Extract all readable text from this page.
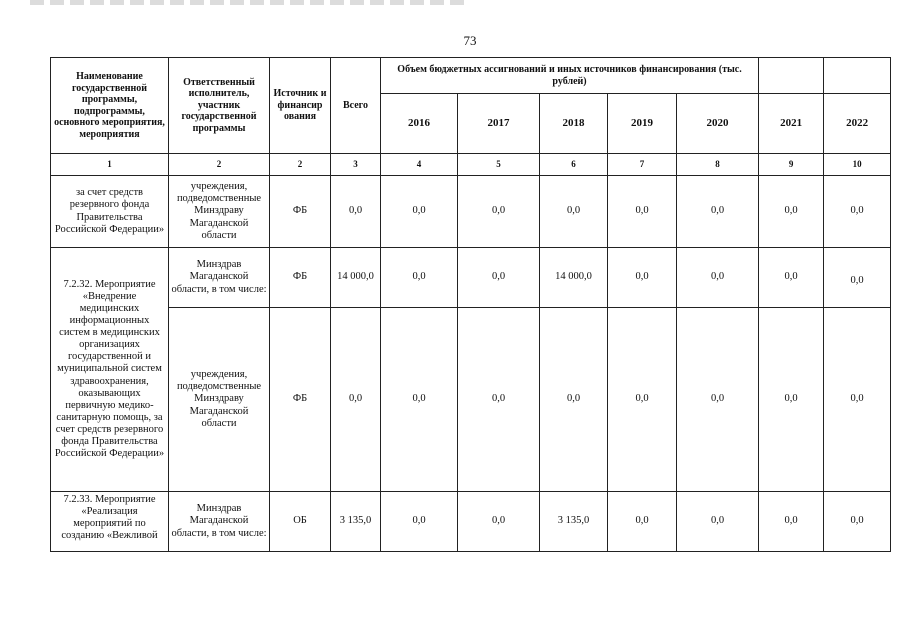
73
Наименование государственной программы, подпрограммы, основного мероприятия, мероприятия	Ответственный исполнитель, участник государственной программы	Источник и финансир ования	Всего	Объем бюджетных ассигнований и иных источников финансирования (тыс. рублей)						
				2016	2017	2018	2019	2020	2021	2022
1	2	2	3	4	5	6	7	8	9	10
за счет средств резервного фонда Правительства Российской Федерации»	учреждения, подведомственные Минздраву Магаданской области	ФБ	0,0	0,0	0,0	0,0	0,0	0,0	0,0	0,0
7.2.32. Мероприятие «Внедрение медицинских информационных систем в медицинских организациях государственной и муниципальной систем здравоохранения, оказывающих первичную медико-санитарную помощь, за счет средств резервного фонда Правительства Российской Федерации»	Минздрав Магаданской области, в том числе:	ФБ	14 000,0	0,0	0,0	14 000,0	0,0	0,0	0,0	0,0
	учреждения, подведомственные Минздраву Магаданской области	ФБ	0,0	0,0	0,0	0,0	0,0	0,0	0,0	0,0
7.2.33. Мероприятие «Реализация мероприятий по созданию «Вежливой	Минздрав Магаданской области, в том числе:	ОБ	3 135,0	0,0	0,0	3 135,0	0,0	0,0	0,0	0,0
